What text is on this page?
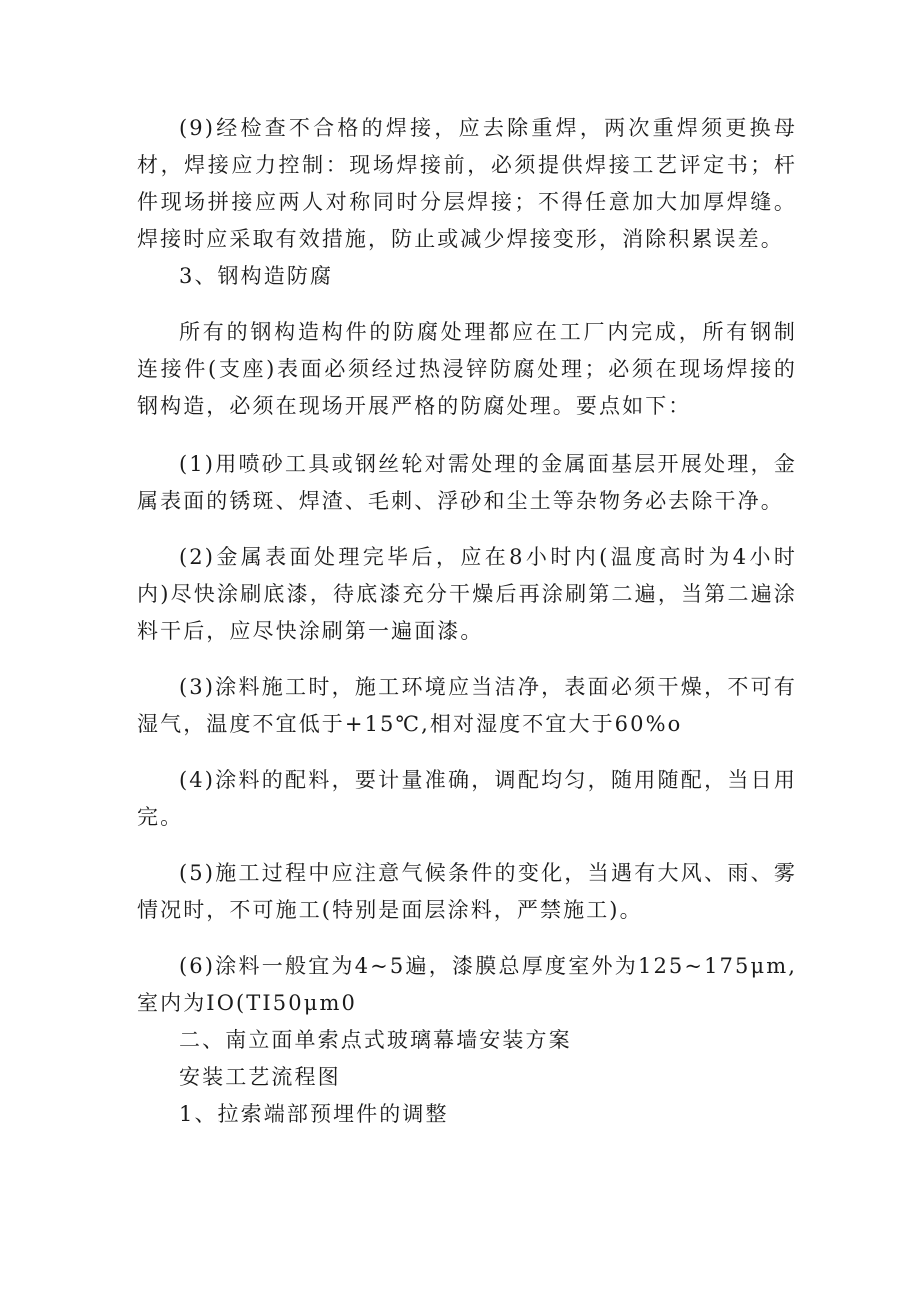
(9)经检查不合格的焊接，应去除重焊，两次重焊须更换母材，焊接应力控制：现场焊接前，必须提供焊接工艺评定书；杆件现场拼接应两人对称同时分层焊接；不得任意加大加厚焊缝。焊接时应采取有效措施，防止或减少焊接变形，消除积累误差。

3、钢构造防腐

所有的钢构造构件的防腐处理都应在工厂内完成，所有钢制连接件(支座)表面必须经过热浸锌防腐处理；必须在现场焊接的钢构造，必须在现场开展严格的防腐处理。要点如下：

(1)用喷砂工具或钢丝轮对需处理的金属面基层开展处理，金属表面的锈斑、焊渣、毛刺、浮砂和尘土等杂物务必去除干净。

(2)金属表面处理完毕后，应在8小时内(温度高时为4小时内)尽快涂刷底漆，待底漆充分干燥后再涂刷第二遍，当第二遍涂料干后，应尽快涂刷第一遍面漆。

(3)涂料施工时，施工环境应当洁净，表面必须干燥，不可有湿气，温度不宜低于+15℃,相对湿度不宜大于60%o

(4)涂料的配料，要计量准确，调配均匀，随用随配，当日用完。

(5)施工过程中应注意气候条件的变化，当遇有大风、雨、雾情况时，不可施工(特别是面层涂料，严禁施工)。

(6)涂料一般宜为4~5遍，漆膜总厚度室外为125~175μm,室内为IO(TI50μm0

二、南立面单索点式玻璃幕墙安装方案

安装工艺流程图

1、拉索端部预埋件的调整
